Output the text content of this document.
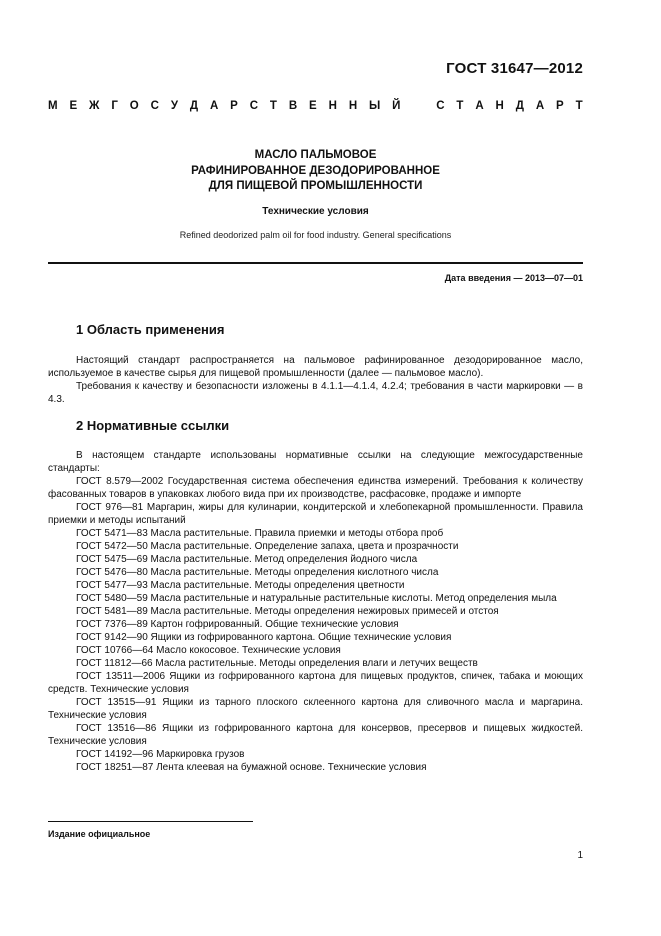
ГОСТ 31647—2012
М Е Ж Г О С У Д А Р С Т В Е Н Н Ы Й	С Т А Н Д А Р Т
МАСЛО ПАЛЬМОВОЕ
РАФИНИРОВАННОЕ ДЕЗОДОРИРОВАННОЕ
ДЛЯ ПИЩЕВОЙ ПРОМЫШЛЕННОСТИ
Технические условия
Refined deodorized palm oil for food industry. General specifications
Дата введения — 2013—07—01
1 Область применения

Настоящий стандарт распространяется на пальмовое рафинированное дезодорированное масло, используемое в качестве сырья для пищевой промышленности (далее — пальмовое масло).

Требования к качеству и безопасности изложены в 4.1.1—4.1.4, 4.2.4; требования в части маркировки — в 4.3.

2 Нормативные ссылки

В настоящем стандарте использованы нормативные ссылки на следующие межгосударственные стандарты:

ГОСТ 8.579—2002 Государственная система обеспечения единства измерений. Требования к количеству фасованных товаров в упаковках любого вида при их производстве, расфасовке, продаже и импорте

ГОСТ 976—81 Маргарин, жиры для кулинарии, кондитерской и хлебопекарной промышленности. Правила приемки и методы испытаний

ГОСТ 5471—83 Масла растительные. Правила приемки и методы отбора проб

ГОСТ 5472—50 Масла растительные. Определение запаха, цвета и прозрачности

ГОСТ 5475—69 Масла растительные. Метод определения йодного числа

ГОСТ 5476—80 Масла растительные. Методы определения кислотного числа

ГОСТ 5477—93 Масла растительные. Методы определения цветности

ГОСТ 5480—59 Масла растительные и натуральные растительные кислоты. Метод определения мыла

ГОСТ 5481—89 Масла растительные. Методы определения нежировых примесей и отстоя

ГОСТ 7376—89 Картон гофрированный. Общие технические условия

ГОСТ 9142—90 Ящики из гофрированного картона. Общие технические условия

ГОСТ 10766—64 Масло кокосовое. Технические условия

ГОСТ 11812—66 Масла растительные. Методы определения влаги и летучих веществ

ГОСТ 13511—2006 Ящики из гофрированного картона для пищевых продуктов, спичек, табака и моющих средств. Технические условия

ГОСТ 13515—91 Ящики из тарного плоского склеенного картона для сливочного масла и маргарина. Технические условия

ГОСТ 13516—86 Ящики из гофрированного картона для консервов, пресервов и пищевых жидкостей. Технические условия

ГОСТ 14192—96 Маркировка грузов

ГОСТ 18251—87 Лента клеевая на бумажной основе. Технические условия

Издание официальное
1
